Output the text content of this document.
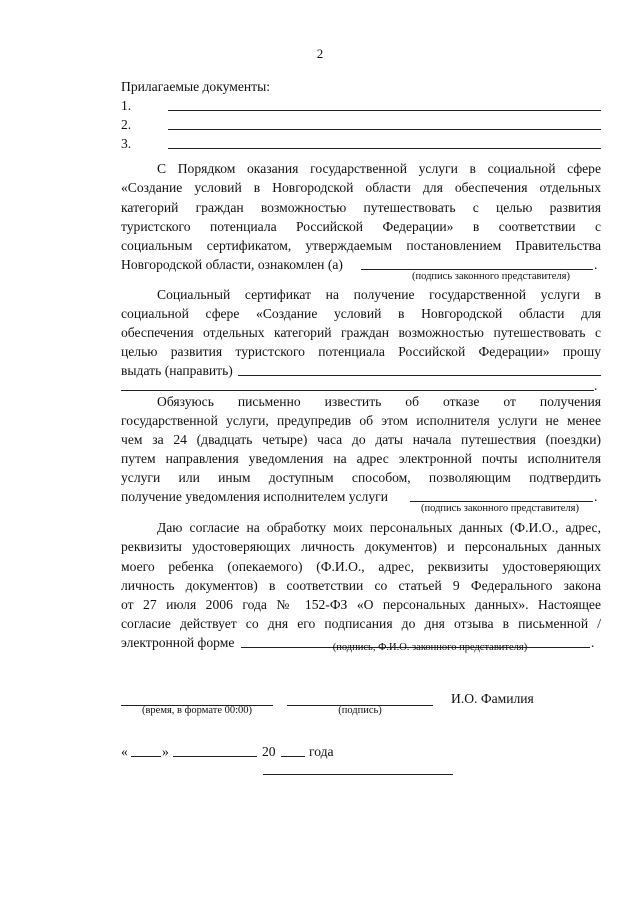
2
Прилагаемые документы:
1.
2.
3.
С Порядком оказания государственной услуги в социальной сфере
«Создание условий в Новгородской области для обеспечения отдельных
категорий граждан возможностью путешествовать с целью развития
туристского потенциала Российской Федерации» в соответствии с
социальным сертификатом, утверждаемым постановлением Правительства
Новгородской области, ознакомлен (а)	.
(подпись законного представителя)
Социальный сертификат на получение государственной услуги в
социальной сфере «Создание условий в Новгородской области для
обеспечения отдельных категорий граждан возможностью путешествовать с
целью развития туристского потенциала Российской Федерации» прошу
выдать (направить)
.
Обязуюсь письменно известить об отказе от получения
государственной услуги, предупредив об этом исполнителя услуги не менее
чем за 24 (двадцать четыре) часа до даты начала путешествия (поездки)
путем направления уведомления на адрес электронной почты исполнителя
услуги или иным доступным способом, позволяющим подтвердить
получение уведомления исполнителем услуги	.
(подпись законного представителя)
Даю согласие на обработку моих персональных данных (Ф.И.О., адрес,
реквизиты удостоверяющих личность документов) и персональных данных
моего ребенка (опекаемого) (Ф.И.О., адрес, реквизиты удостоверяющих
личность документов) в соответствии со статьей 9 Федерального закона
от 27 июля 2006 года № 152-ФЗ «О персональных данных». Настоящее
согласие действует со дня его подписания до дня отзыва в письменной /
электронной форме	.
(подпись, Ф.И.О. законного представителя)
(время, в формате 00:00)	(подпись)
И.О. Фамилия
«	»	20	года
